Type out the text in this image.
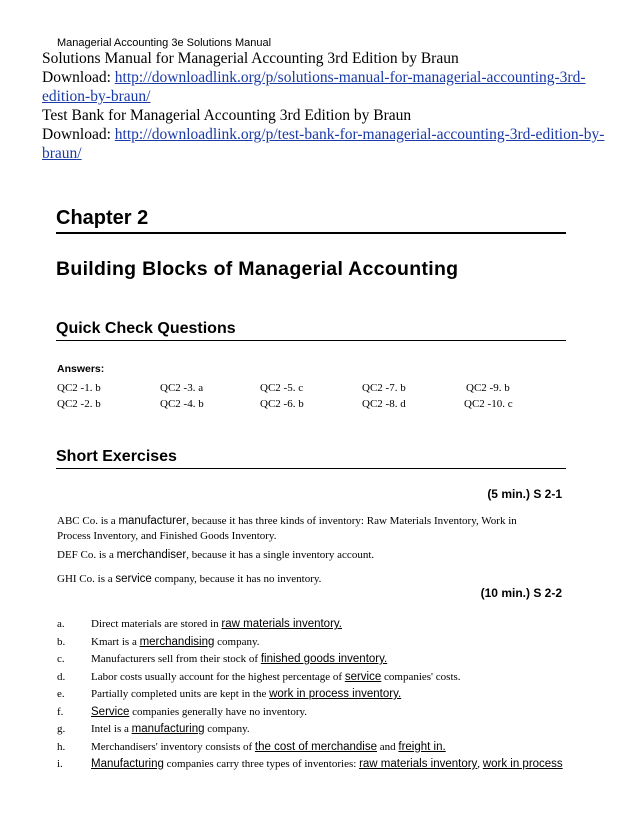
Managerial Accounting 3e Solutions Manual
Solutions Manual for Managerial Accounting 3rd Edition by Braun
Download: http://downloadlink.org/p/solutions-manual-for-managerial-accounting-3rd-edition-by-braun/
Test Bank for Managerial Accounting 3rd Edition by Braun
Download: http://downloadlink.org/p/test-bank-for-managerial-accounting-3rd-edition-by-braun/
Chapter 2
Building Blocks of Managerial Accounting
Quick Check Questions
Answers:
QC2 -1. b	QC2 -3. a	QC2 -5. c	QC2 -7. b	QC2 -9. b
QC2 -2. b	QC2 -4. b	QC2 -6. b	QC2 -8. d	QC2 -10. c
Short Exercises
(5 min.) S 2-1
ABC Co. is a manufacturer, because it has three kinds of inventory: Raw Materials Inventory, Work in Process Inventory, and Finished Goods Inventory.
DEF Co. is a merchandiser, because it has a single inventory account.
GHI Co. is a service company, because it has no inventory.
(10 min.) S 2-2
a. Direct materials are stored in raw materials inventory.
b. Kmart is a merchandising company.
c. Manufacturers sell from their stock of finished goods inventory.
d. Labor costs usually account for the highest percentage of service companies' costs.
e. Partially completed units are kept in the work in process inventory.
f. Service companies generally have no inventory.
g. Intel is a manufacturing company.
h. Merchandisers' inventory consists of the cost of merchandise and freight in.
i. Manufacturing companies carry three types of inventories: raw materials inventory, work in process
